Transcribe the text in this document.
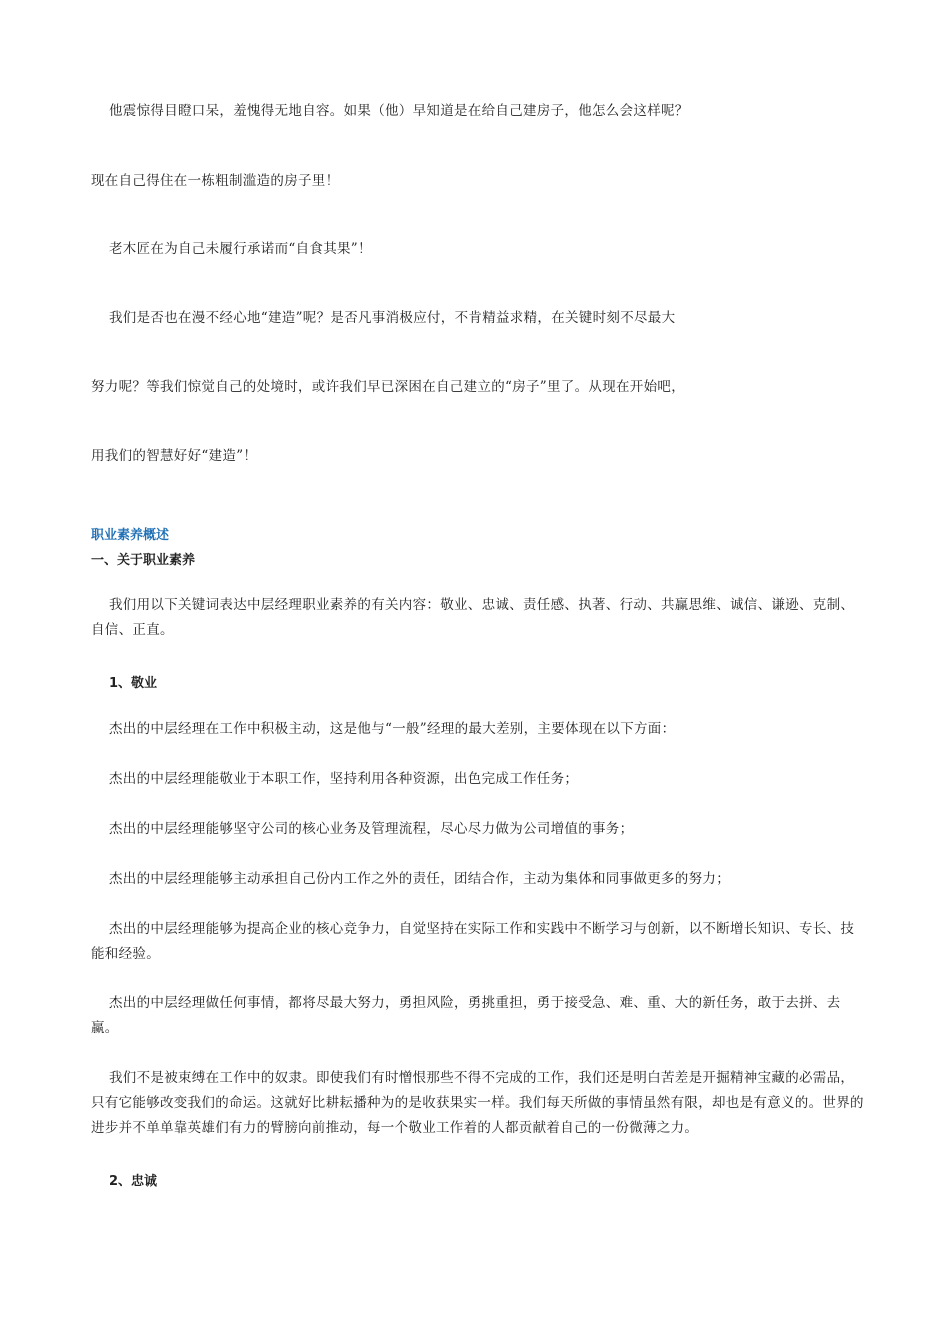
他震惊得目瞪口呆，羞愧得无地自容。如果（他）早知道是在给自己建房子，他怎么会这样呢？
现在自己得住在一栋粗制滥造的房子里！
老木匠在为自己未履行承诺而“自食其果”！
我们是否也在漫不经心地“建造”呢？是否凡事消极应付，不肯精益求精，在关键时刻不尽最大
努力呢？等我们惊觉自己的处境时，或许我们早已深困在自己建立的“房子”里了。从现在开始吧，
用我们的智慧好好“建造”！
职业素养概述
一、关于职业素养
我们用以下关键词表达中层经理职业素养的有关内容：敬业、忠诚、责任感、执著、行动、共赢思维、诚信、谦逊、克制、自信、正直。
1、敬业
杰出的中层经理在工作中积极主动，这是他与“一般”经理的最大差别，主要体现在以下方面：
杰出的中层经理能敬业于本职工作，坚持利用各种资源，出色完成工作任务；
杰出的中层经理能够坚守公司的核心业务及管理流程，尽心尽力做为公司增值的事务；
杰出的中层经理能够主动承担自己份内工作之外的责任，团结合作，主动为集体和同事做更多的努力；
杰出的中层经理能够为提高企业的核心竞争力，自觉坚持在实际工作和实践中不断学习与创新，以不断增长知识、专长、技能和经验。
杰出的中层经理做任何事情，都将尽最大努力，勇担风险，勇挑重担，勇于接受急、难、重、大的新任务，敢于去拼、去赢。
我们不是被束缚在工作中的奴隶。即使我们有时憎恨那些不得不完成的工作，我们还是明白苦差是开掘精神宝藏的必需品，只有它能够改变我们的命运。这就好比耕耘播种为的是收获果实一样。我们每天所做的事情虽然有限，却也是有意义的。世界的进步并不单单靠英雄们有力的臂膀向前推动，每一个敬业工作着的人都贡献着自己的一份微薄之力。
2、忠诚
